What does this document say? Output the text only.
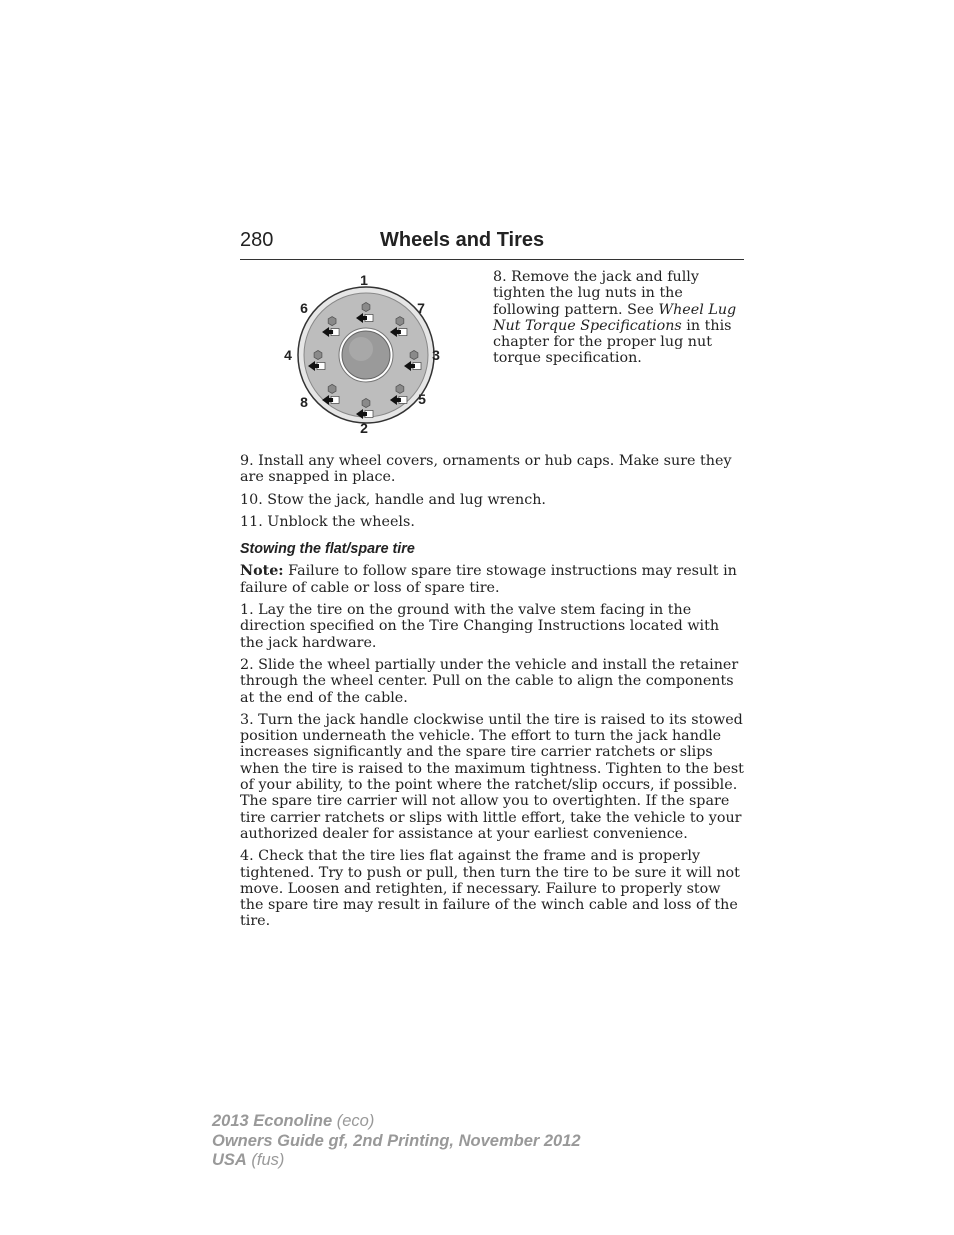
280	Wheels and Tires
1
2
3
4
5
6	7
8
8. Remove the jack and fully tighten the lug nuts in the following pattern. See Wheel Lug Nut Torque Specifications in this chapter for the proper lug nut torque specification.

9. Install any wheel covers, ornaments or hub caps. Make sure they are snapped in place.

10. Stow the jack, handle and lug wrench.

11. Unblock the wheels.

Stowing the flat/spare tire

Note: Failure to follow spare tire stowage instructions may result in failure of cable or loss of spare tire.

1. Lay the tire on the ground with the valve stem facing in the direction specified on the Tire Changing Instructions located with the jack hardware.

2. Slide the wheel partially under the vehicle and install the retainer through the wheel center. Pull on the cable to align the components at the end of the cable.

3. Turn the jack handle clockwise until the tire is raised to its stowed position underneath the vehicle. The effort to turn the jack handle increases significantly and the spare tire carrier ratchets or slips when the tire is raised to the maximum tightness. Tighten to the best of your ability, to the point where the ratchet/slip occurs, if possible. The spare tire carrier will not allow you to overtighten. If the spare tire carrier ratchets or slips with little effort, take the vehicle to your authorized dealer for assistance at your earliest convenience.

4. Check that the tire lies flat against the frame and is properly tightened. Try to push or pull, then turn the tire to be sure it will not move. Loosen and retighten, if necessary. Failure to properly stow the spare tire may result in failure of the winch cable and loss of the tire.

2013 Econoline (eco)
Owners Guide gf, 2nd Printing, November 2012
USA (fus)
